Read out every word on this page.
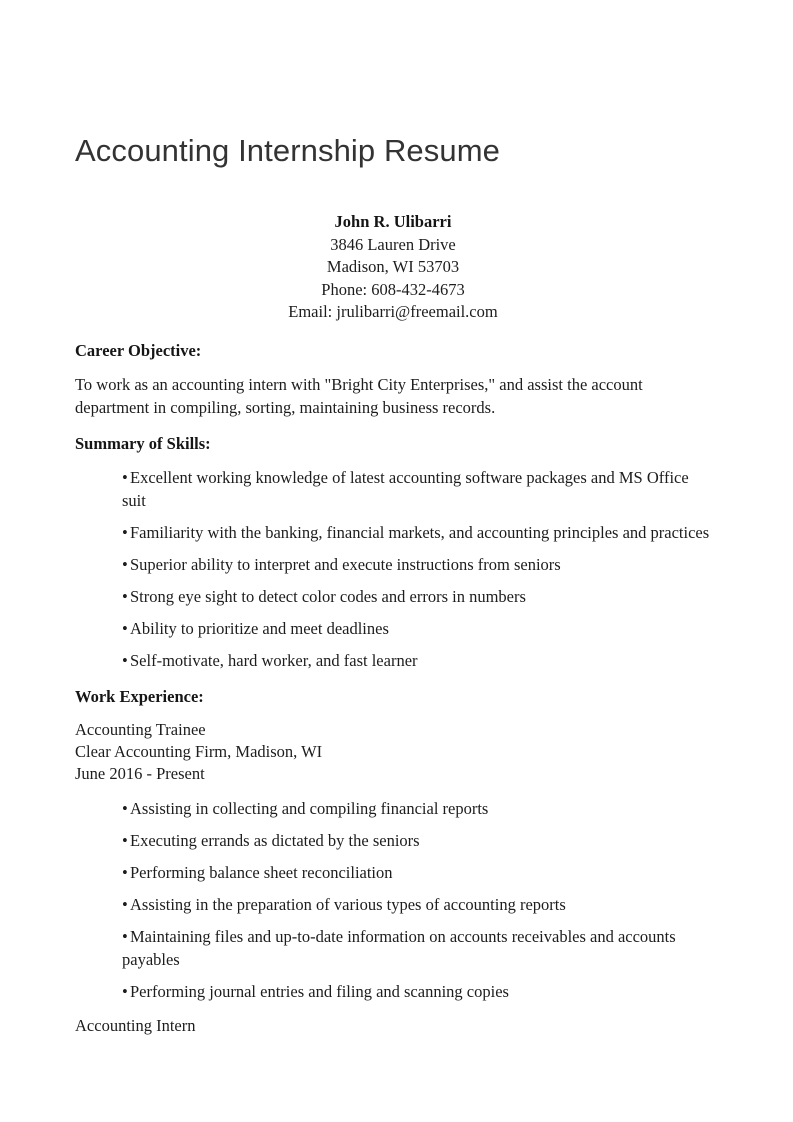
Accounting Internship Resume
John R. Ulibarri
3846 Lauren Drive
Madison, WI 53703
Phone: 608-432-4673
Email: jrulibarri@freemail.com
Career Objective:
To work as an accounting intern with "Bright City Enterprises," and assist the account department in compiling, sorting, maintaining business records.
Summary of Skills:
• Excellent working knowledge of latest accounting software packages and MS Office suit
• Familiarity with the banking, financial markets, and accounting principles and practices
• Superior ability to interpret and execute instructions from seniors
• Strong eye sight to detect color codes and errors in numbers
• Ability to prioritize and meet deadlines
• Self-motivate, hard worker, and fast learner
Work Experience:
Accounting Trainee
Clear Accounting Firm, Madison, WI
June 2016 - Present
• Assisting in collecting and compiling financial reports
• Executing errands as dictated by the seniors
• Performing balance sheet reconciliation
• Assisting in the preparation of various types of accounting reports
• Maintaining files and up-to-date information on accounts receivables and accounts payables
• Performing journal entries and filing and scanning copies
Accounting Intern
